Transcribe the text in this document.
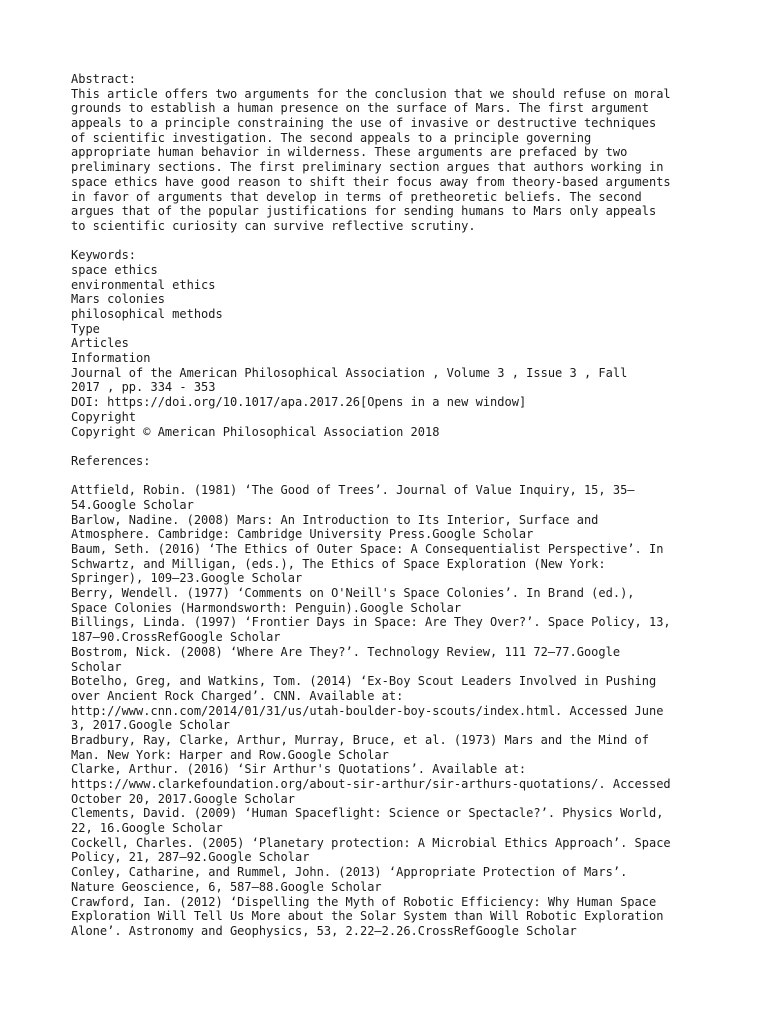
Abstract:
This article offers two arguments for the conclusion that we should refuse on moral
grounds to establish a human presence on the surface of Mars. The first argument
appeals to a principle constraining the use of invasive or destructive techniques
of scientific investigation. The second appeals to a principle governing
appropriate human behavior in wilderness. These arguments are prefaced by two
preliminary sections. The first preliminary section argues that authors working in
space ethics have good reason to shift their focus away from theory-based arguments
in favor of arguments that develop in terms of pretheoretic beliefs. The second
argues that of the popular justifications for sending humans to Mars only appeals
to scientific curiosity can survive reflective scrutiny.
Keywords:
space ethics
environmental ethics
Mars colonies
philosophical methods
Type
Articles
Information
Journal of the American Philosophical Association , Volume 3 , Issue 3 , Fall
2017 , pp. 334 - 353
DOI: https://doi.org/10.1017/apa.2017.26[Opens in a new window]
Copyright
Copyright © American Philosophical Association 2018
References:
Attfield, Robin. (1981) ‘The Good of Trees’. Journal of Value Inquiry, 15, 35–
54.Google Scholar
Barlow, Nadine. (2008) Mars: An Introduction to Its Interior, Surface and
Atmosphere. Cambridge: Cambridge University Press.Google Scholar
Baum, Seth. (2016) ‘The Ethics of Outer Space: A Consequentialist Perspective’. In
Schwartz, and Milligan, (eds.), The Ethics of Space Exploration (New York:
Springer), 109–23.Google Scholar
Berry, Wendell. (1977) ‘Comments on O'Neill's Space Colonies’. In Brand (ed.),
Space Colonies (Harmondsworth: Penguin).Google Scholar
Billings, Linda. (1997) ‘Frontier Days in Space: Are They Over?’. Space Policy, 13,
187–90.CrossRefGoogle Scholar
Bostrom, Nick. (2008) ‘Where Are They?’. Technology Review, 111 72–77.Google
Scholar
Botelho, Greg, and Watkins, Tom. (2014) ‘Ex-Boy Scout Leaders Involved in Pushing
over Ancient Rock Charged’. CNN. Available at:
http://www.cnn.com/2014/01/31/us/utah-boulder-boy-scouts/index.html. Accessed June
3, 2017.Google Scholar
Bradbury, Ray, Clarke, Arthur, Murray, Bruce, et al. (1973) Mars and the Mind of
Man. New York: Harper and Row.Google Scholar
Clarke, Arthur. (2016) ‘Sir Arthur's Quotations’. Available at:
https://www.clarkefoundation.org/about-sir-arthur/sir-arthurs-quotations/. Accessed
October 20, 2017.Google Scholar
Clements, David. (2009) ‘Human Spaceflight: Science or Spectacle?’. Physics World,
22, 16.Google Scholar
Cockell, Charles. (2005) ‘Planetary protection: A Microbial Ethics Approach’. Space
Policy, 21, 287–92.Google Scholar
Conley, Catharine, and Rummel, John. (2013) ‘Appropriate Protection of Mars’.
Nature Geoscience, 6, 587–88.Google Scholar
Crawford, Ian. (2012) ‘Dispelling the Myth of Robotic Efficiency: Why Human Space
Exploration Will Tell Us More about the Solar System than Will Robotic Exploration
Alone’. Astronomy and Geophysics, 53, 2.22–2.26.CrossRefGoogle Scholar
